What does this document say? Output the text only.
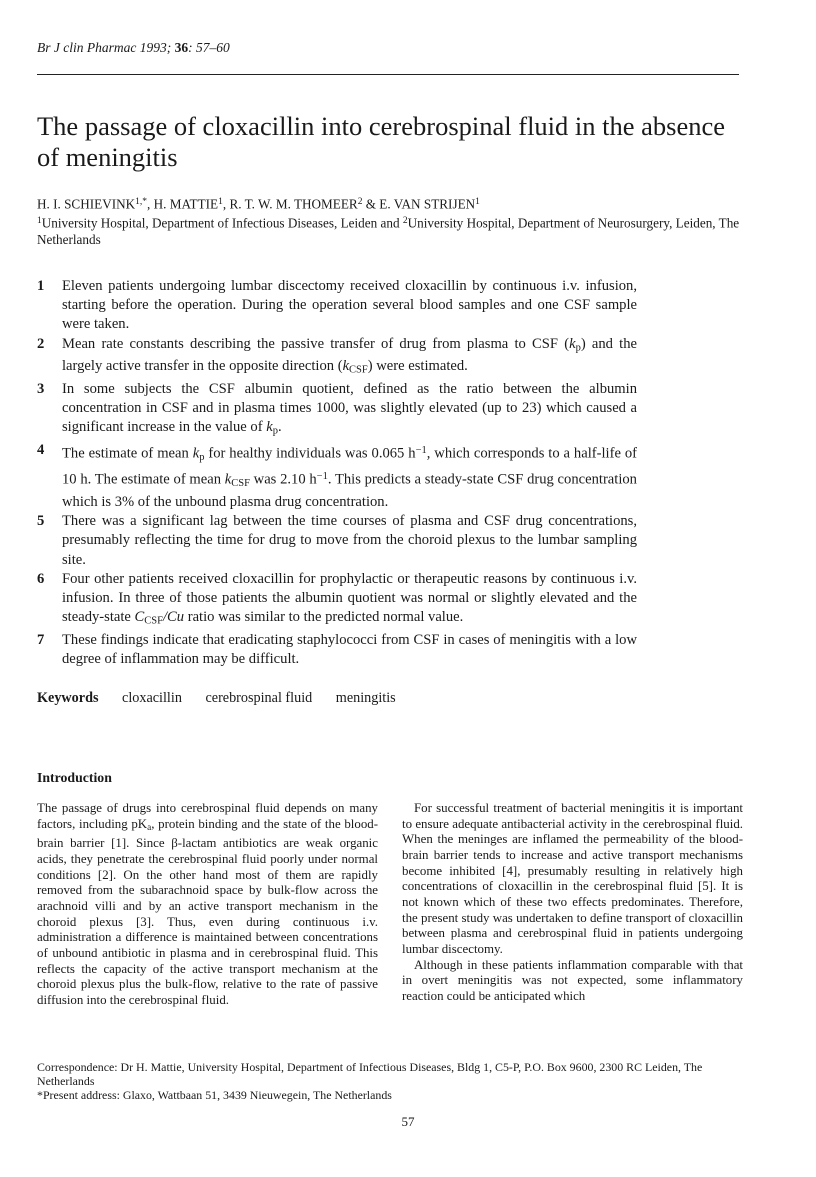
Br J clin Pharmac 1993; 36: 57–60
The passage of cloxacillin into cerebrospinal fluid in the absence of meningitis
H. I. $SCHIEVINK^{1,*}$, H. MATTIE$^1$, R. T. W. M. THOMEER$^2$ & E. VAN STRIJEN$^1$
$^1$University Hospital, Department of Infectious Diseases, Leiden and $^2$University Hospital, Department of Neurosurgery, Leiden, The Netherlands
1 Eleven patients undergoing lumbar discectomy received cloxacillin by continuous i.v. infusion, starting before the operation. During the operation several blood samples and one CSF sample were taken.
2 Mean rate constants describing the passive transfer of drug from plasma to CSF $(k_p)$ and the largely active transfer in the opposite direction $(k_{CSF})$ were estimated.
3 In some subjects the CSF albumin quotient, defined as the ratio between the albumin concentration in CSF and in plasma times 1000, was slightly elevated (up to 23) which caused a significant increase in the value of $k_p$.
4 The estimate of mean $k_p$ for healthy individuals was 0.065 $h^{-1}$, which corresponds to a half-life of 10 h. The estimate of mean $k_{CSF}$ was 2.10 $h^{-1}$. This predicts a steady-state CSF drug concentration which is 3% of the unbound plasma drug concentration.
5 There was a significant lag between the time courses of plasma and CSF drug concentrations, presumably reflecting the time for drug to move from the choroid plexus to the lumbar sampling site.
6 Four other patients received cloxacillin for prophylactic or therapeutic reasons by continuous i.v. infusion. In three of those patients the albumin quotient was normal or slightly elevated and the steady-state $C_{CSF}/Cu$ ratio was similar to the predicted normal value.
7 These findings indicate that eradicating staphylococci from CSF in cases of meningitis with a low degree of inflammation may be difficult.
Keywords cloxacillin cerebrospinal fluid meningitis
Introduction

The passage of drugs into cerebrospinal fluid depends on many factors, including $pK_a$, protein binding and the state of the blood-brain barrier [1]. Since β-lactam antibiotics are weak organic acids, they penetrate the cerebrospinal fluid poorly under normal conditions [2]. On the other hand most of them are rapidly removed from the subarachnoid space by bulk-flow across the arachnoid villi and by an active transport mechanism in the choroid plexus [3]. Thus, even during continuous i.v. administration a difference is maintained between concentrations of unbound antibiotic in plasma and in cerebrospinal fluid. This reflects the capacity of the active transport mechanism at the choroid plexus plus the bulk-flow, relative to the rate of passive diffusion into the cerebrospinal fluid.

For successful treatment of bacterial meningitis it is important to ensure adequate antibacterial activity in the cerebrospinal fluid. When the meninges are inflamed the permeability of the blood-brain barrier tends to increase and active transport mechanisms become inhibited [4], presumably resulting in relatively high concentrations of cloxacillin in the cerebrospinal fluid [5]. It is not known which of these two effects predominates. Therefore, the present study was undertaken to define transport of cloxacillin between plasma and cerebrospinal fluid in patients undergoing lumbar discectomy.

Although in these patients inflammation comparable with that in overt meningitis was not expected, some inflammatory reaction could be anticipated which

Correspondence: Dr H. Mattie, University Hospital, Department of Infectious Diseases, Bldg 1, C5-P, P.O. Box 9600, 2300 RC Leiden, The Netherlands

*Present address: Glaxo, Wattbaan 51, 3439 Nieuwegein, The Netherlands

57
